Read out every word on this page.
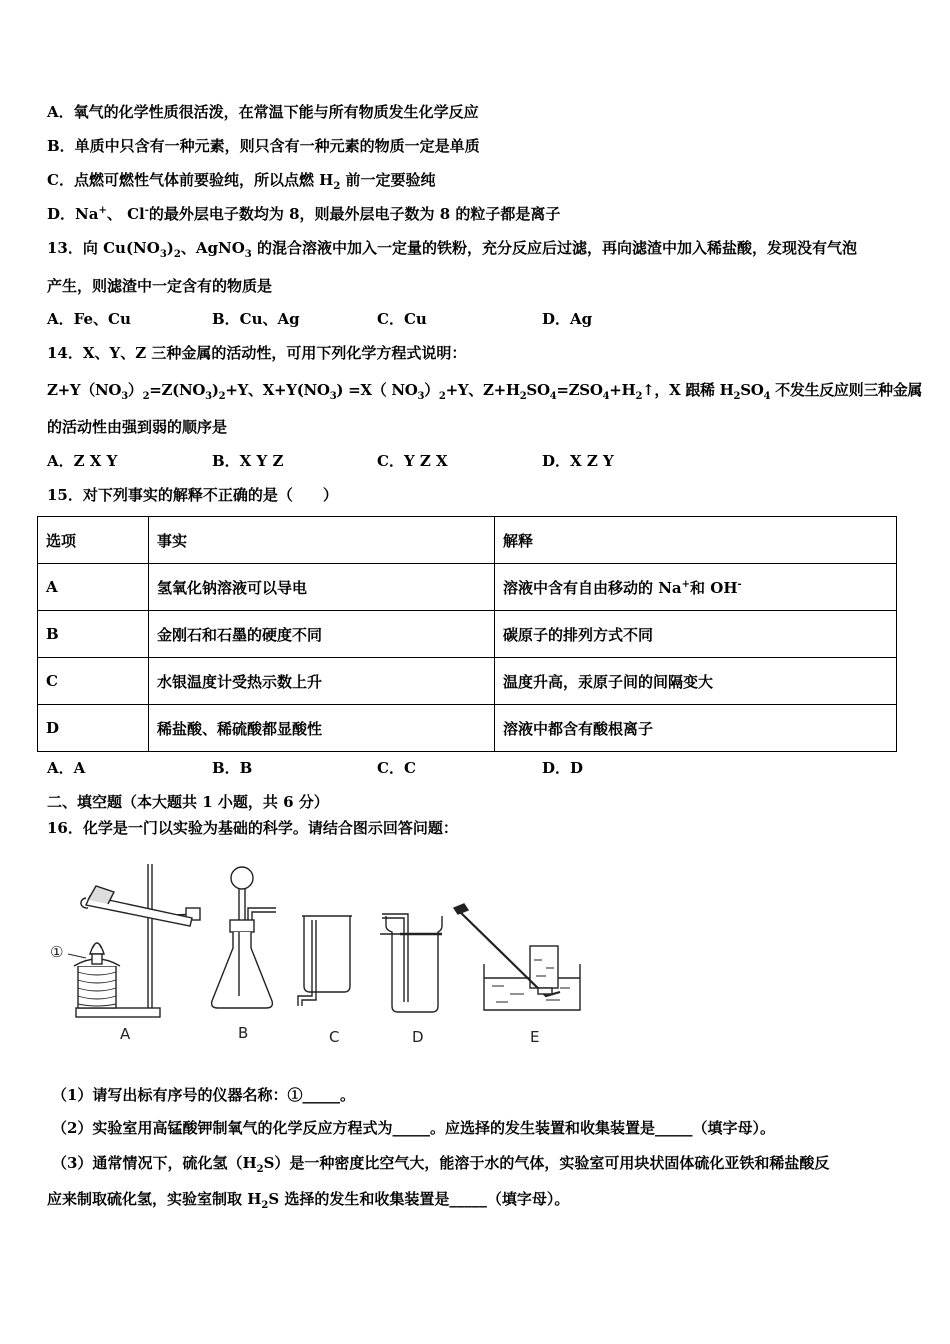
A．氧气的化学性质很活泼，在常温下能与所有物质发生化学反应
B．单质中只含有一种元素，则只含有一种元素的物质一定是单质
C．点燃可燃性气体前要验纯，所以点燃 $H_2$ 前一定要验纯
D．Na+、 Cl-的最外层电子数均为 8，则最外层电子数为 8 的粒子都是离子
13．向 $Cu(NO_3)_2$、AgNO$_3$ 的混合溶液中加入一定量的铁粉，充分反应后过滤，再向滤渣中加入稀盐酸，发现没有气泡
产生，则滤渣中一定含有的物质是
A．Fe、Cu	B．Cu、Ag	C．Cu	D．Ag
14．X、Y、Z 三种金属的活动性，可用下列化学方程式说明：
$Z+Y(NO_3)_2=Z(NO_3)_2+Y$、$X+Y(NO_3) =X$（ $NO_3)_2+Y$、$Z+H_2SO_4=ZSO_4+H_2↑$，X 跟稀 $H_2SO_4$ 不发生反应则三种金属
的活动性由强到弱的顺序是
A．Z X Y	B．X Y Z	C．Y Z X	D．X Z Y
15．对下列事实的解释不正确的是（　　）
选项	事实	解释
A	氢氧化钠溶液可以导电	溶液中含有自由移动的 Na+和 OH-
B	金刚石和石墨的硬度不同	碳原子的排列方式不同
C	水银温度计受热示数上升	温度升高，汞原子间的间隔变大
D	稀盐酸、稀硫酸都显酸性	溶液中都含有酸根离子
A．A	B．B	C．C	D．D
二、填空题（本大题共 1 小题，共 6 分）
16．化学是一门以实验为基础的科学。请结合图示回答问题：
①
A	B	C	D	E
（1）请写出标有序号的仪器名称：①_____。
（2）实验室用高锰酸钾制氧气的化学反应方程式为_____。应选择的发生装置和收集装置是_____（填字母）。
（3）通常情况下，硫化氢$(H_2S)$是一种密度比空气大，能溶于水的气体，实验室可用块状固体硫化亚铁和稀盐酸反
应来制取硫化氢，实验室制取 $H_2S$ 选择的发生和收集装置是_____（填字母）。
